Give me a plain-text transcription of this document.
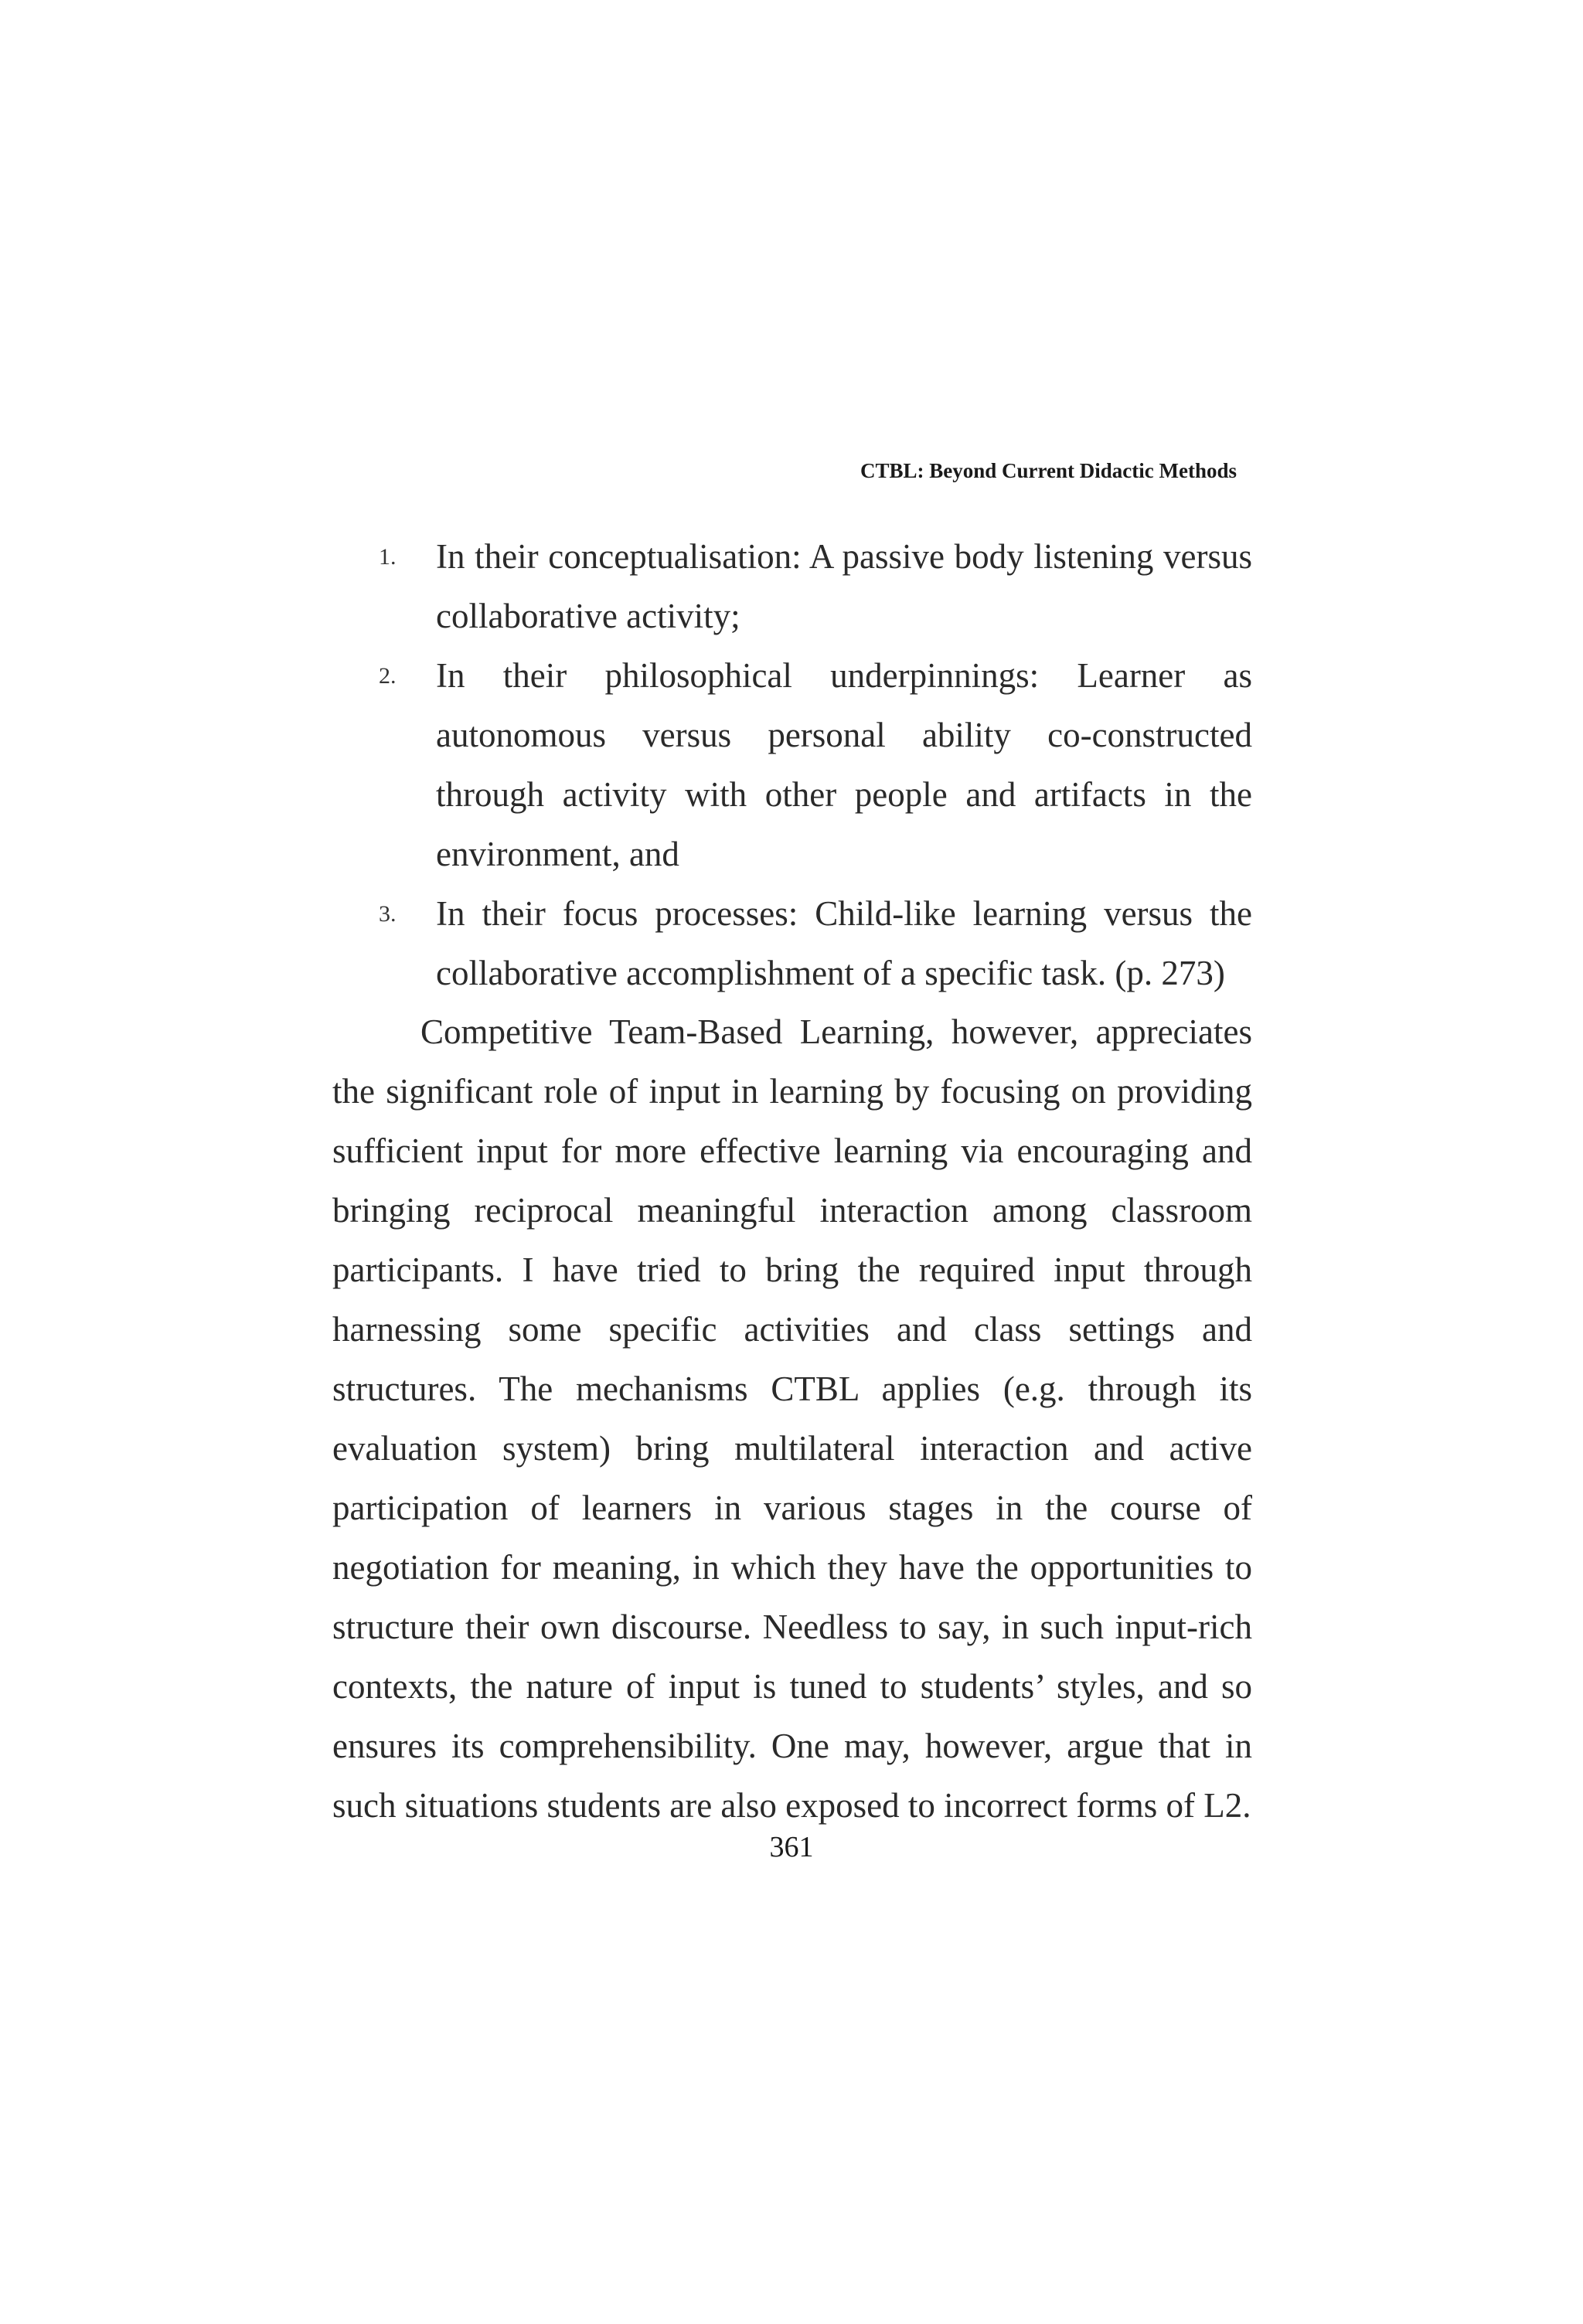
CTBL: Beyond Current Didactic Methods
1. In their conceptualisation: A passive body listening versus collaborative activity;
2. In their philosophical underpinnings: Learner as autonomous versus personal ability co-constructed through activity with other people and artifacts in the environment, and
3. In their focus processes: Child-like learning versus the collaborative accomplishment of a specific task. (p. 273)

Competitive Team-Based Learning, however, appreciates the significant role of input in learning by focusing on providing sufficient input for more effective learning via encouraging and bringing reciprocal meaningful interaction among classroom participants. I have tried to bring the required input through harnessing some specific activities and class settings and structures. The mechanisms CTBL applies (e.g. through its evaluation system) bring multilateral interaction and active participation of learners in various stages in the course of negotiation for meaning, in which they have the opportunities to structure their own discourse. Needless to say, in such input-rich contexts, the nature of input is tuned to students’ styles, and so ensures its comprehensibility. One may, however, argue that in such situations students are also exposed to incorrect forms of L2.

361
